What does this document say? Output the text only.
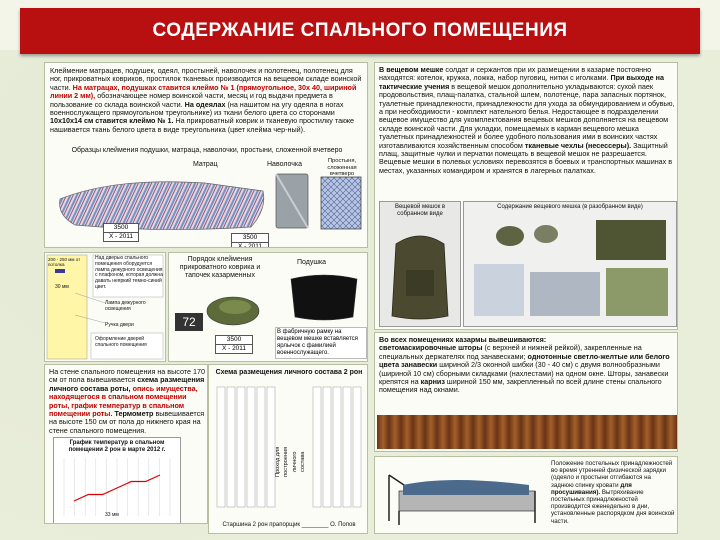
СОДЕРЖАНИЕ СПАЛЬНОГО ПОМЕЩЕНИЯ
Клеймение матрацев, подушек, одеял, простыней, наволочек и полотенец, полотенец для ног, прикроватных ковриков, простилок тканевых производится на вещевом складе воинской части. На матрацах, подушках ставится клеймо № 1 (прямоугольное, 30х 40, шириной линии 2 мм), обозначающее номер воинской части, месяц и год выдачи предмета в пользование со склада воинской части. На одеялах (на нашитом на угу одеяла в ногах военнослужащего прямоугольном треугольнике) из ткани белого цвета со сторонами 10х10х14 см ставится клеймо № 1. На прикроватный коврик и тканевую простилку также нашивается ткань белого цвета в виде треугольника (цвет клейма чер-ный).
Образцы клеймения подушки, матраца, наволочки, простыни, сложенной вчетверо
Матрац	Наволочка	Простыня, сложенная вчетверо
3500
Х - 2011	3500
Х - 2011
Над дверью спального помещения оборудуется лампа дежурного освещения с плафоном, которая должна давать неяркий темно-синий цвет.
200 - 250 мм от потолка
30 мм
Лампа дежурного освещения
Ручка двери
Оформление дверей спального помещения
Порядок клеймения прикроватного коврика и тапочек казарменных
Подушка
72
3500
Х - 2011
В фабричную рамку на вещевом мешке вставляется ярлычок с фамилией военнослужащего.
На стене спального помещения на высоте 170 см от пола вывешивается схема размещения личного состава роты, опись имущества, находящегося в спальном помещении роты, график температур в спальном помещении роты. Термометр вывешивается на высоте 150 см от пола до нижнего края на стене спального помещения.
График температур в спальном помещении 2 рон в марте 2012 г.
33 мм
Схема размещения личного состава 2 рон
Проход для построения личного состава
Старшина 2 рон прапорщик ________ О. Попов
В вещевом мешке солдат и сержантов при их размещении в казарме постоянно находятся: котелок, кружка, ложка, набор пуговиц, нитки с иголками. При выходе на тактические учения в вещевой мешок дополнительно укладываются: сухой паек продовольствия, плащ-палатка, стальной шлем, полотенце, пара запасных портянок, туалетные принадлежности, принадлежности для ухода за обмундированием и обувью, а при необходимости - комплект нательного белья. Недостающее в подразделении вещевое имущество для укомплектования вещевых мешков дополняется на вещевом складе воинской части. Для укладки, помещаемых в карман вещевого мешка туалетных принадлежностей и более удобного пользования ими в воинских частях изготавливаются хозяйственным способом тканевые чехлы (несессеры). Защитный плащ, защитные чулки и перчатки помещать в вещевой мешок не разрешается. Вещевые мешки в полевых условиях перевозятся в боевых и транспортных машинах в местах, указанных командиром и хранятся в лагерных палатках.
Вещевой мешок в собранном виде
Содержание вещевого мешка (в разобранном виде)
Во всех помещениях казармы вывешиваются:
светомаскировочные шторы (с верхней и нижней рейкой), закрепленные на специальных держателях под занавесками; однотонные светло-желтые или белого цвета занавески шириной 2/3 оконной шибки (30 - 40 см) с двумя волнообразными (шириной 10 см) сборными складками (нахлестами) на одном окне. Шторы, занавески крепятся на карниз шириной 150 мм, закрепленный по всей длине стены спального помещения над окнами.
Положение постельных принадлежностей во время утренней физической зарядки (одеяло и простыни отгибаются на заднюю спинку кровати для просушивания). Вытряхивание постельных принадлежностей производится еженедельно в дни, установленные распорядком дня воинской части.
